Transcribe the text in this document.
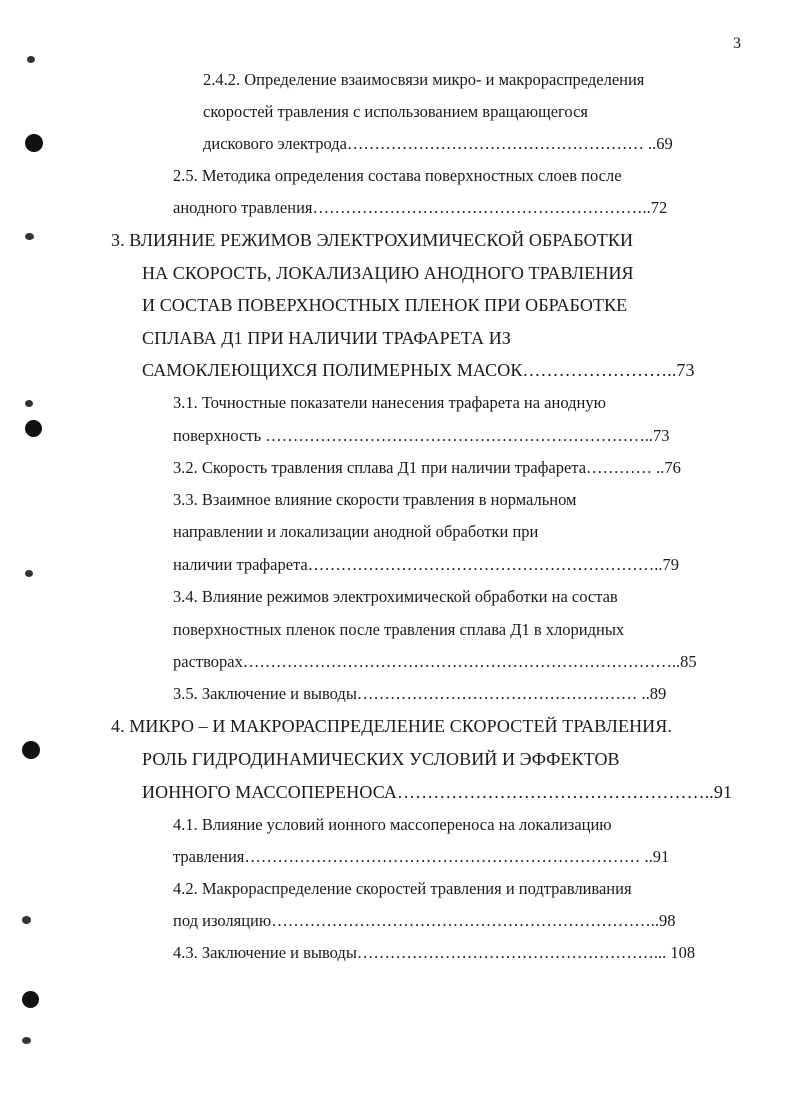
3
2.4.2. Определение взаимосвязи микро- и макрораспределения
скоростей травления с использованием вращающегося
дискового электрода……………………………………………… ..69
2.5. Методика определения состава поверхностных слоев после
анодного травления……………………………………………………..72
3. ВЛИЯНИЕ РЕЖИМОВ ЭЛЕКТРОХИМИЧЕСКОЙ ОБРАБОТКИ
НА СКОРОСТЬ, ЛОКАЛИЗАЦИЮ АНОДНОГО ТРАВЛЕНИЯ
И СОСТАВ ПОВЕРХНОСТНЫХ ПЛЕНОК ПРИ ОБРАБОТКЕ
СПЛАВА Д1 ПРИ НАЛИЧИИ ТРАФАРЕТА ИЗ
САМОКЛЕЮЩИХСЯ ПОЛИМЕРНЫХ МАСОК……………………..73
3.1. Точностные показатели нанесения трафарета на анодную
поверхность ……………………………………………………………..73
3.2. Скорость травления сплава Д1 при наличии трафарета………… ..76
3.3. Взаимное влияние скорости травления в нормальном
направлении и локализации анодной обработки при
наличии трафарета………………………………………………………..79
3.4. Влияние режимов электрохимической обработки на состав
поверхностных пленок после травления сплава Д1 в хлоридных
растворах……………………………………………………………………..85
3.5. Заключение и выводы…………………………………………… ..89
4. МИКРО – И МАКРОРАСПРЕДЕЛЕНИЕ СКОРОСТЕЙ ТРАВЛЕНИЯ.
РОЛЬ ГИДРОДИНАМИЧЕСКИХ УСЛОВИЙ И ЭФФЕКТОВ
ИОННОГО МАССОПЕРЕНОСА……………………………………………..91
4.1. Влияние условий ионного массопереноса на локализацию
травления……………………………………………………………… ..91
4.2. Макрораспределение скоростей травления и подтравливания
под изоляцию……………………………………………………………..98
4.3. Заключение и выводы………………………………………………... 108
